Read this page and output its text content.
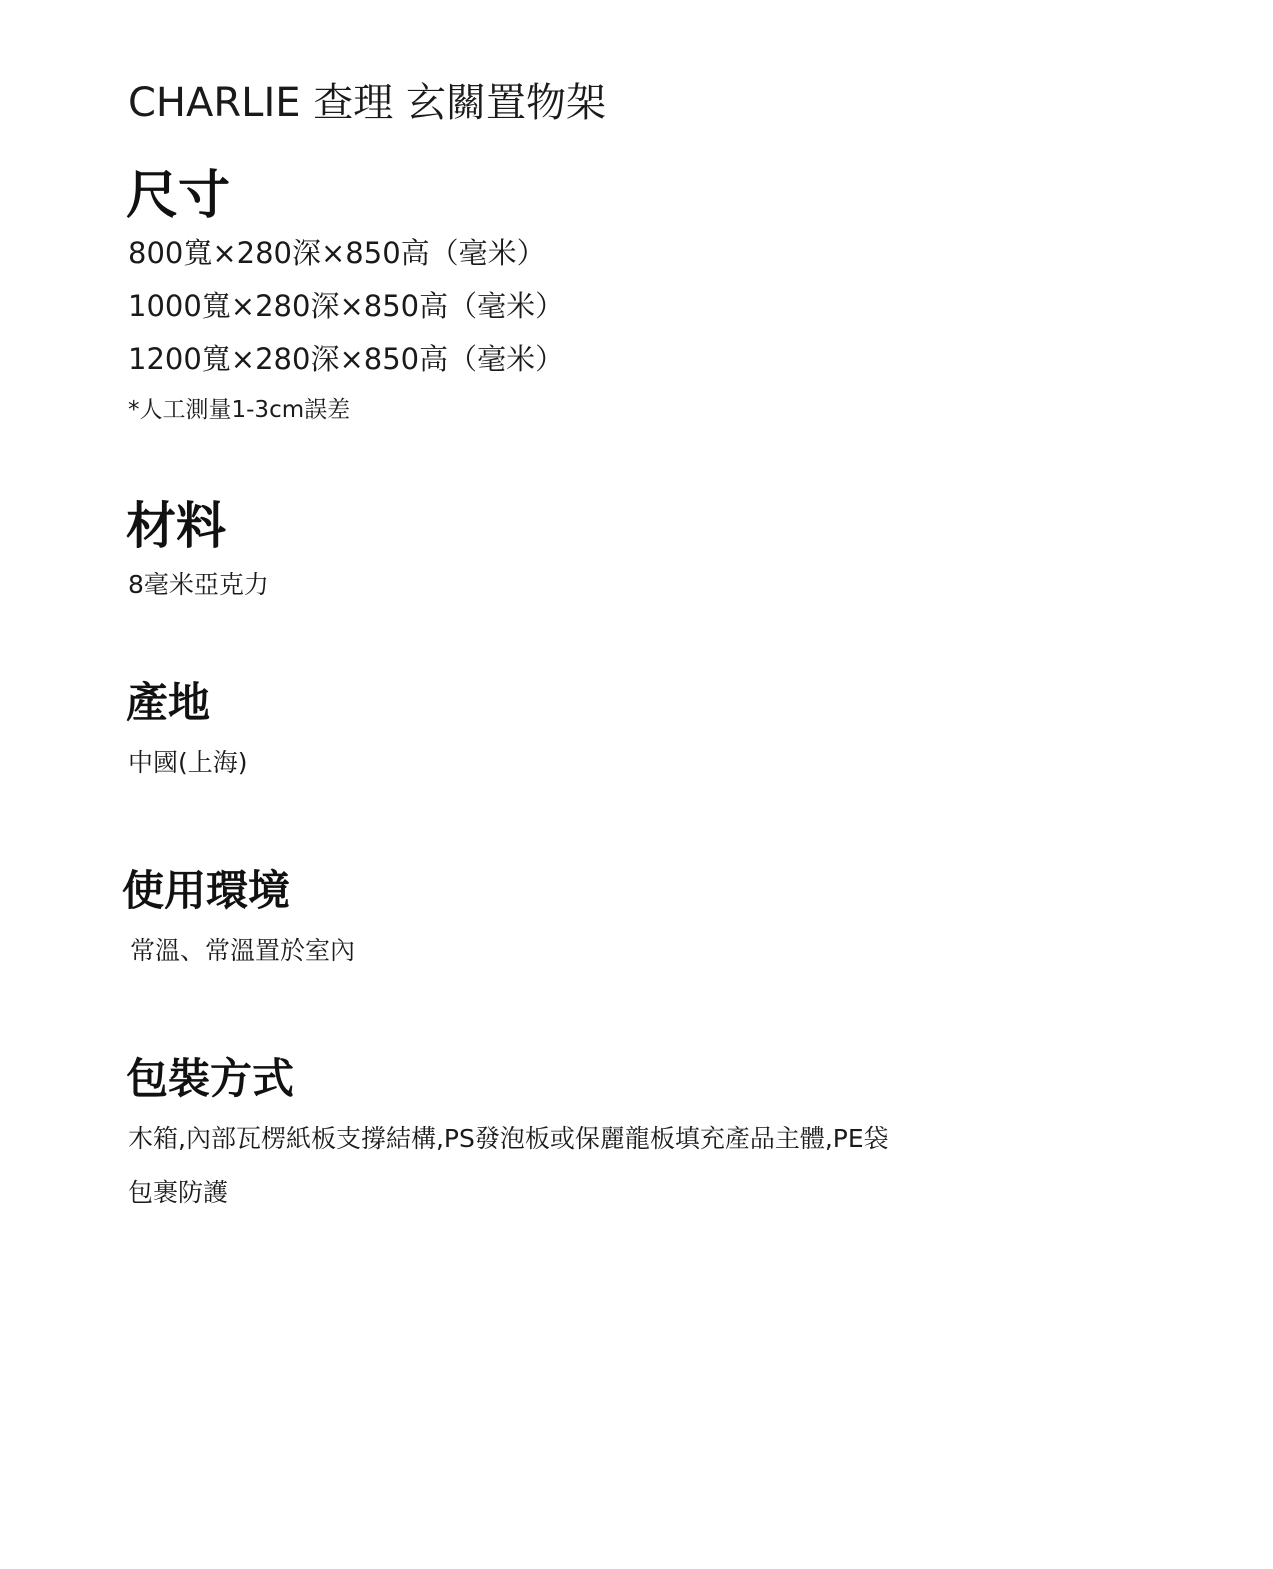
CHARLIE 查理 玄關置物架
尺寸

800寬×280深×850高（毫米）

1000寬×280深×850高（毫米）

1200寬×280深×850高（毫米）

*人工測量1-3cm誤差

材料

8毫米亞克力

產地

中國(上海)

使用環境

常溫、常溫置於室內

包裝方式

木箱,內部瓦楞紙板支撐結構,PS發泡板或保麗龍板填充產品主體,PE袋

包裹防護
